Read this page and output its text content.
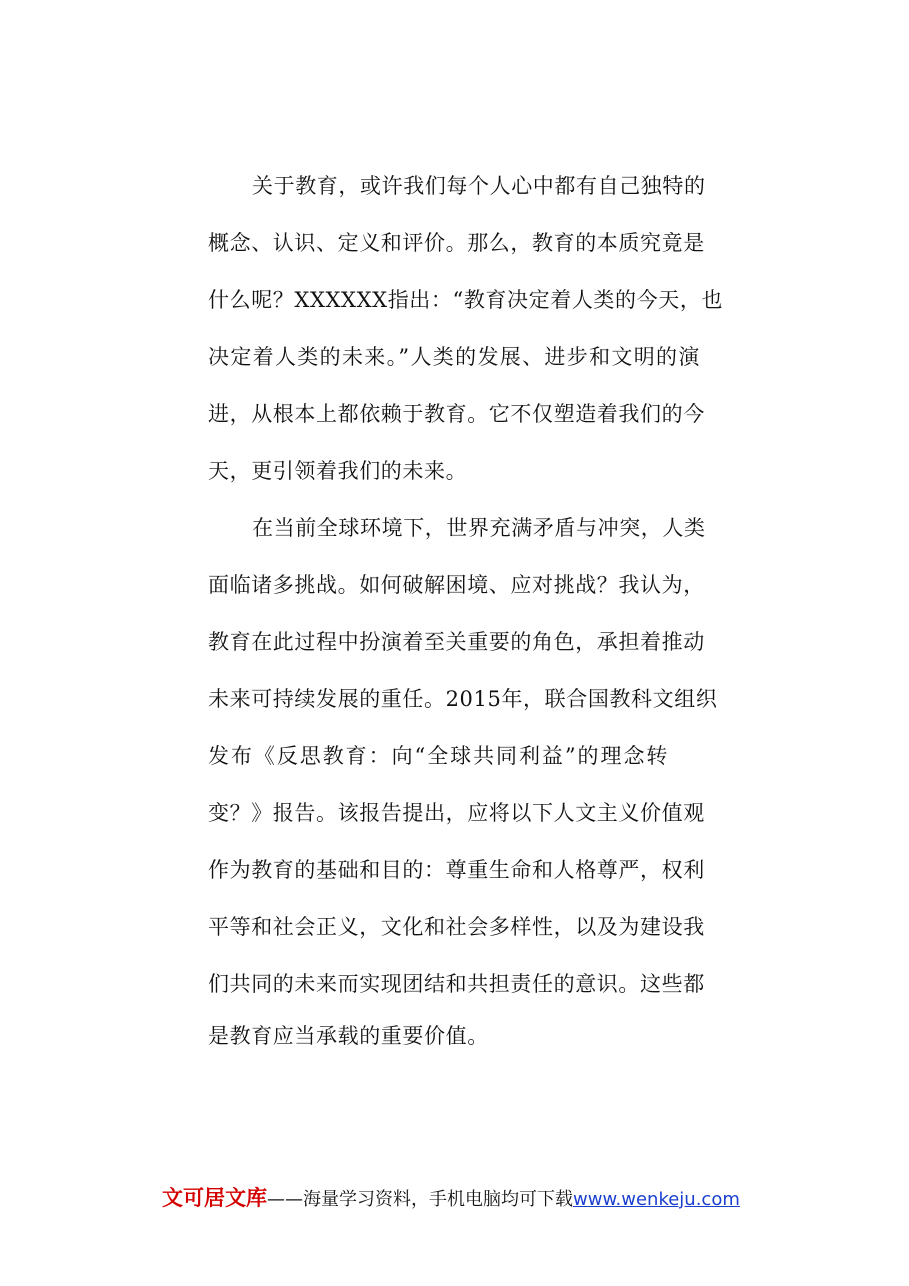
关于教育，或许我们每个人心中都有自己独特的
概念、认识、定义和评价。那么，教育的本质究竟是
什么呢？XXXXXX指出：“教育决定着人类的今天，也
决定着人类的未来。”人类的发展、进步和文明的演
进，从根本上都依赖于教育。它不仅塑造着我们的今
天，更引领着我们的未来。
在当前全球环境下，世界充满矛盾与冲突，人类
面临诸多挑战。如何破解困境、应对挑战？我认为，
教育在此过程中扮演着至关重要的角色，承担着推动
未来可持续发展的重任。2015年，联合国教科文组织
发布《反思教育：向“全球共同利益”的理念转
变？》报告。该报告提出，应将以下人文主义价值观
作为教育的基础和目的：尊重生命和人格尊严，权利
平等和社会正义，文化和社会多样性，以及为建设我
们共同的未来而实现团结和共担责任的意识。这些都
是教育应当承载的重要价值。
文可居文库——海量学习资料，手机电脑均可下载www.wenkeju.com
